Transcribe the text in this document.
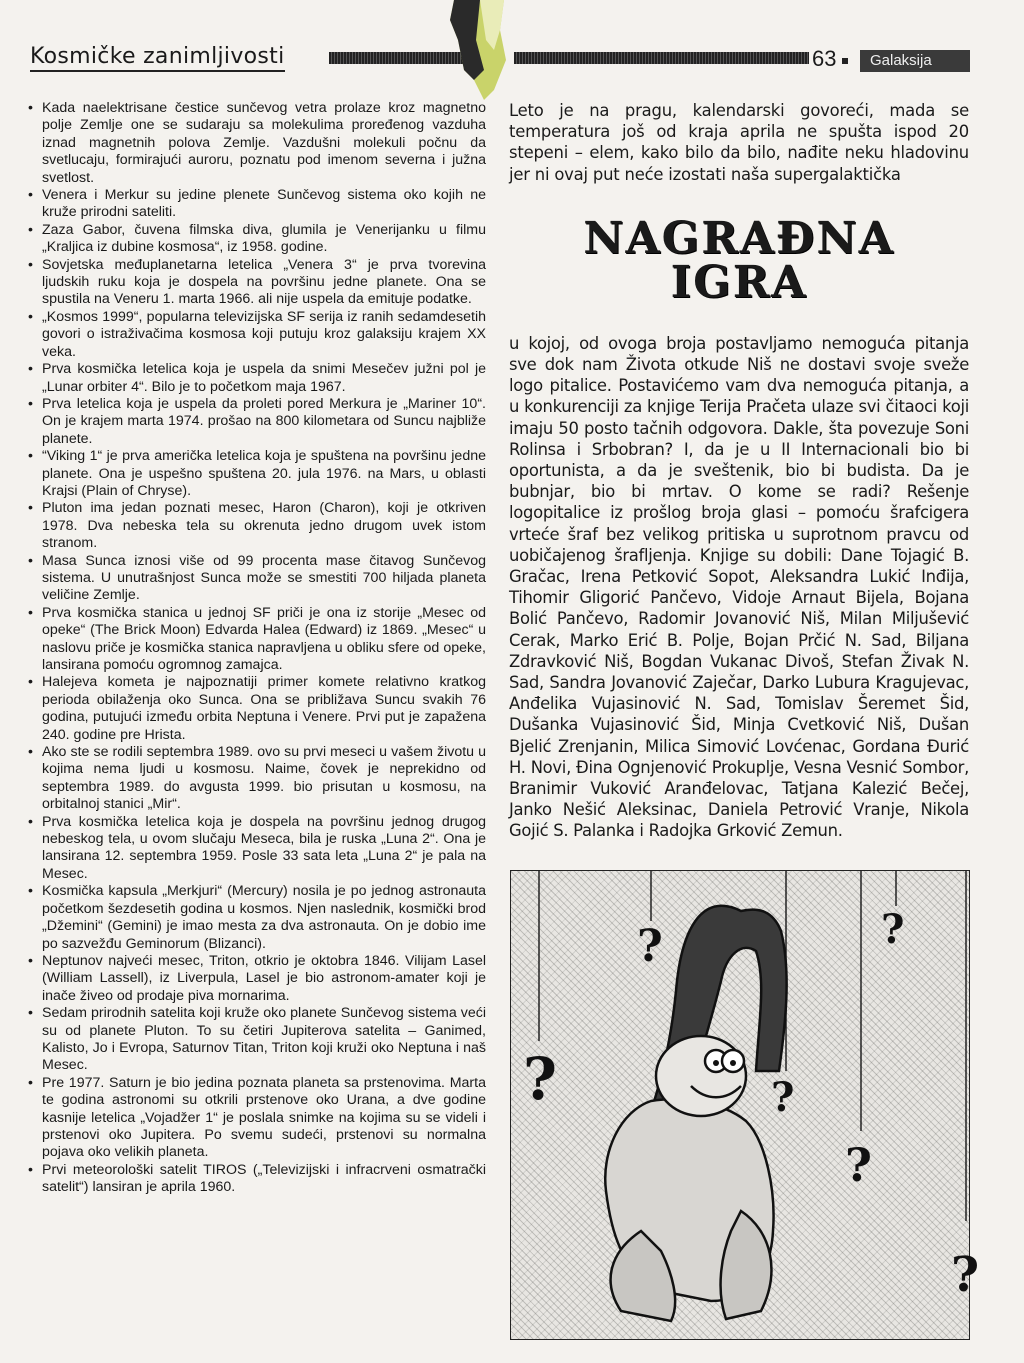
Kosmičke zanimljivosti	63	Galaksija
• Kada naelektrisane čestice sunčevog vetra prolaze kroz magnetno polje Zemlje one se sudaraju sa molekulima proređenog vazduha iznad magnetnih polova Zemlje. Vazdušni molekuli počnu da svetlucaju, formirajući auroru, poznatu pod imenom severna i južna svetlost.
• Venera i Merkur su jedine plenete Sunčevog sistema oko kojih ne kruže prirodni sateliti.
• Zaza Gabor, čuvena filmska diva, glumila je Venerijanku u filmu „Kraljica iz dubine kosmosa“, iz 1958. godine.
• Sovjetska međuplanetarna letelica „Venera 3“ je prva tvorevina ljudskih ruku koja je dospela na površinu jedne planete. Ona se spustila na Veneru 1. marta 1966. ali nije uspela da emituje podatke.
• „Kosmos 1999“, popularna televizijska SF serija iz ranih sedamdesetih govori o istraživačima kosmosa koji putuju kroz galaksiju krajem XX veka.
• Prva kosmička letelica koja je uspela da snimi Mesečev južni pol je „Lunar orbiter 4“. Bilo je to početkom maja 1967.
• Prva letelica koja je uspela da proleti pored Merkura je „Mariner 10“. On je krajem marta 1974. prošao na 800 kilometara od Suncu najbliže planete.
• “Viking 1“ je prva američka letelica koja je spuštena na površinu jedne planete. Ona je uspešno spuštena 20. jula 1976. na Mars, u oblasti Krajsi (Plain of Chryse).
• Pluton ima jedan poznati mesec, Haron (Charon), koji je otkriven 1978. Dva nebeska tela su okrenuta jedno drugom uvek istom stranom.
• Masa Sunca iznosi više od 99 procenta mase čitavog Sunčevog sistema. U unutrašnjost Sunca može se smestiti 700 hiljada planeta veličine Zemlje.
• Prva kosmička stanica u jednoj SF priči je ona iz storije „Mesec od opeke“ (The Brick Moon) Edvarda Halea (Edward) iz 1869. „Mesec“ u naslovu priče je kosmička stanica napravljena u obliku sfere od opeke, lansirana pomoću ogromnog zamajca.
• Halejeva kometa je najpoznatiji primer komete relativno kratkog perioda obilaženja oko Sunca. Ona se približava Suncu svakih 76 godina, putujući između orbita Neptuna i Venere. Prvi put je zapažena 240. godine pre Hrista.
• Ako ste se rodili septembra 1989. ovo su prvi meseci u vašem životu u kojima nema ljudi u kosmosu. Naime, čovek je neprekidno od septembra 1989. do avgusta 1999. bio prisutan u kosmosu, na orbitalnoj stanici „Mir“.
• Prva kosmička letelica koja je dospela na površinu jednog drugog nebeskog tela, u ovom slučaju Meseca, bila je ruska „Luna 2“. Ona je lansirana 12. septembra 1959. Posle 33 sata leta „Luna 2“ je pala na Mesec.
• Kosmička kapsula „Merkjuri“ (Mercury) nosila je po jednog astronauta početkom šezdesetih godina u kosmos. Njen naslednik, kosmički brod „Džemini“ (Gemini) je imao mesta za dva astronauta. On je dobio ime po sazvežđu Geminorum (Blizanci).
• Neptunov najveći mesec, Triton, otkrio je oktobra 1846. Vilijam Lasel (William Lassell), iz Liverpula, Lasel je bio astronom-amater koji je inače živeo od prodaje piva mornarima.
• Sedam prirodnih satelita koji kruže oko planete Sunčevog sistema veći su od planete Pluton. To su četiri Jupiterova satelita – Ganimed, Kalisto, Jo i Evropa, Saturnov Titan, Triton koji kruži oko Neptuna i naš Mesec.
• Pre 1977. Saturn je bio jedina poznata planeta sa prstenovima. Marta te godina astronomi su otkrili prstenove oko Urana, a dve godine kasnije letelica „Vojadžer 1“ je poslala snimke na kojima su se videli i prstenovi oko Jupitera. Po svemu sudeći, prstenovi su normalna pojava oko velikih planeta.
• Prvi meteorološki satelit TIROS („Televizijski i infracrveni osmatrački satelit“) lansiran je aprila 1960.

Leto je na pragu, kalendarski govoreći, mada se temperatura još od kraja aprila ne spušta ispod 20 stepeni – elem, kako bilo da bilo, nađite neku hladovinu jer ni ovaj put neće izostati naša supergalaktička

NAGRAĐNA
IGRA

u kojoj, od ovoga broja postavljamo nemoguća pitanja sve dok nam Života otkude Niš ne dostavi svoje sveže logo pitalice. Postavićemo vam dva nemoguća pitanja, a u konkurenciji za knjige Terija Pračeta ulaze svi čitaoci koji imaju 50 posto tačnih odgovora. Dakle, šta povezuje Soni Rolinsa i Srbobran? I, da je u II Internacionali bio bi oportunista, a da je sveštenik, bio bi budista. Da je bubnjar, bio bi mrtav. O kome se radi? Rešenje logopitalice iz prošlog broja glasi – pomoću šrafcigera vrteće šraf bez velikog pritiska u suprotnom pravcu od uobičajenog šrafljenja. Knjige su dobili: Dane Tojagić B. Gračac, Irena Petković Sopot, Aleksandra Lukić Inđija, Tihomir Gligorić Pančevo, Vidoje Arnaut Bijela, Bojana Bolić Pančevo, Radomir Jovanović Niš, Milan Miljušević Cerak, Marko Erić B. Polje, Bojan Prčić N. Sad, Biljana Zdravković Niš, Bogdan Vukanac Divoš, Stefan Živak N. Sad, Sandra Jovanović Zaječar, Darko Lubura Kragujevac, Anđelika Vujasinović N. Sad, Tomislav Šeremet Šid, Dušanka Vujasinović Šid, Minja Cvetković Niš, Dušan Bjelić Zrenjanin, Milica Simović Lovćenac, Gordana Đurić H. Novi, Đina Ognjenović Prokuplje, Vesna Vesnić Sombor, Branimir Vuković Aranđelovac, Tatjana Kalezić Bečej, Janko Nešić Aleksinac, Daniela Petrović Vranje, Nikola Gojić S. Palanka i Radojka Grković Zemun.

?	?
?	?
?
?
